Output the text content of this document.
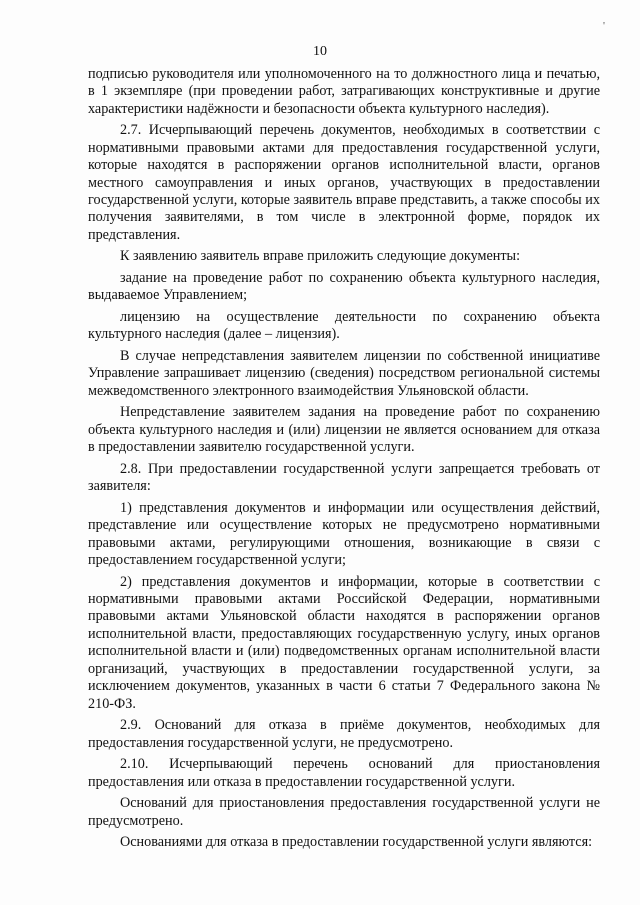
'
10

подписью руководителя или уполномоченного на то должностного лица и печатью, в 1 экземпляре (при проведении работ, затрагивающих конструктивные и другие характеристики надёжности и безопасности объекта культурного наследия).

2.7. Исчерпывающий перечень документов, необходимых в соответствии с нормативными правовыми актами для предоставления государственной услуги, которые находятся в распоряжении органов исполнительной власти, органов местного самоуправления и иных органов, участвующих в предоставлении государственной услуги, которые заявитель вправе представить, а также способы их получения заявителями, в том числе в электронной форме, порядок их представления.

К заявлению заявитель вправе приложить следующие документы:

задание на проведение работ по сохранению объекта культурного наследия, выдаваемое Управлением;

лицензию на осуществление деятельности по сохранению объекта культурного наследия (далее – лицензия).

В случае непредставления заявителем лицензии по собственной инициативе Управление запрашивает лицензию (сведения) посредством региональной системы межведомственного электронного взаимодействия Ульяновской области.

Непредставление заявителем задания на проведение работ по сохранению объекта культурного наследия и (или) лицензии не является основанием для отказа в предоставлении заявителю государственной услуги.

2.8. При предоставлении государственной услуги запрещается требовать от заявителя:

1) представления документов и информации или осуществления действий, представление или осуществление которых не предусмотрено нормативными правовыми актами, регулирующими отношения, возникающие в связи с предоставлением государственной услуги;

2) представления документов и информации, которые в соответствии с нормативными правовыми актами Российской Федерации, нормативными правовыми актами Ульяновской области находятся в распоряжении органов исполнительной власти, предоставляющих государственную услугу, иных органов исполнительной власти и (или) подведомственных органам исполнительной власти организаций, участвующих в предоставлении государственной услуги, за исключением документов, указанных в части 6 статьи 7 Федерального закона № 210-ФЗ.

2.9. Оснований для отказа в приёме документов, необходимых для предоставления государственной услуги, не предусмотрено.

2.10. Исчерпывающий перечень оснований для приостановления предоставления или отказа в предоставлении государственной услуги.

Оснований для приостановления предоставления государственной услуги не предусмотрено.

Основаниями для отказа в предоставлении государственной услуги являются:
